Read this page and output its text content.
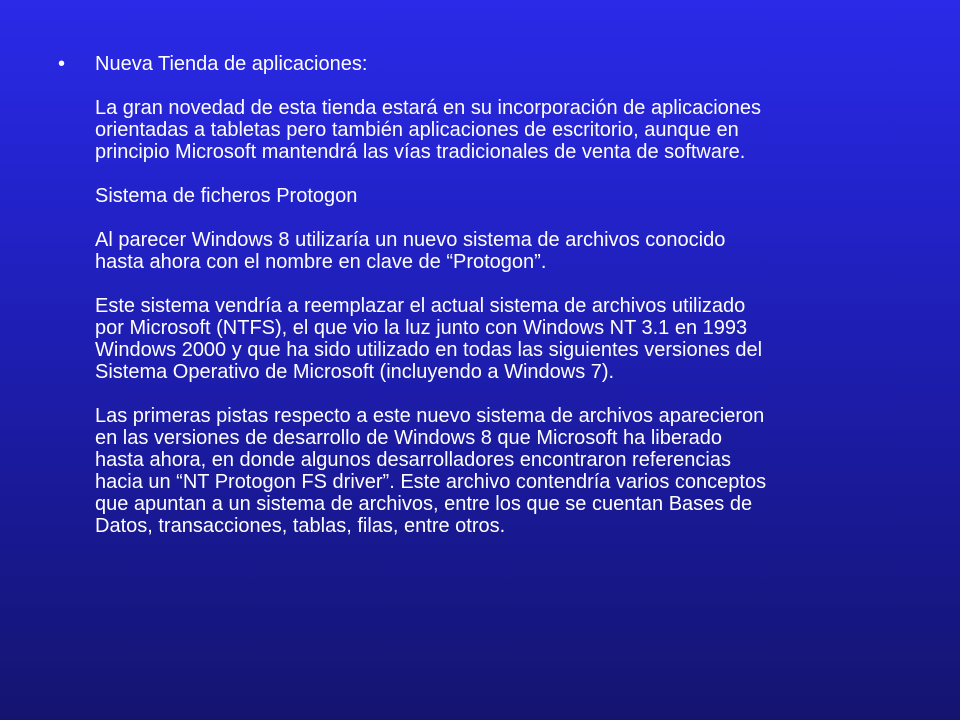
• Nueva Tienda de aplicaciones:

La gran novedad de esta tienda estará en su incorporación de aplicaciones
orientadas a tabletas pero también aplicaciones de escritorio, aunque en
principio Microsoft mantendrá las vías tradicionales de venta de software.

Sistema de ficheros Protogon

Al parecer Windows 8 utilizaría un nuevo sistema de archivos conocido
hasta ahora con el nombre en clave de “Protogon”.

Este sistema vendría a reemplazar el actual sistema de archivos utilizado
por Microsoft (NTFS), el que vio la luz junto con Windows NT 3.1 en 1993
Windows 2000 y que ha sido utilizado en todas las siguientes versiones del
Sistema Operativo de Microsoft (incluyendo a Windows 7).

Las primeras pistas respecto a este nuevo sistema de archivos aparecieron
en las versiones de desarrollo de Windows 8 que Microsoft ha liberado
hasta ahora, en donde algunos desarrolladores encontraron referencias
hacia un “NT Protogon FS driver”. Este archivo contendría varios conceptos
que apuntan a un sistema de archivos, entre los que se cuentan Bases de
Datos, transacciones, tablas, filas, entre otros.
